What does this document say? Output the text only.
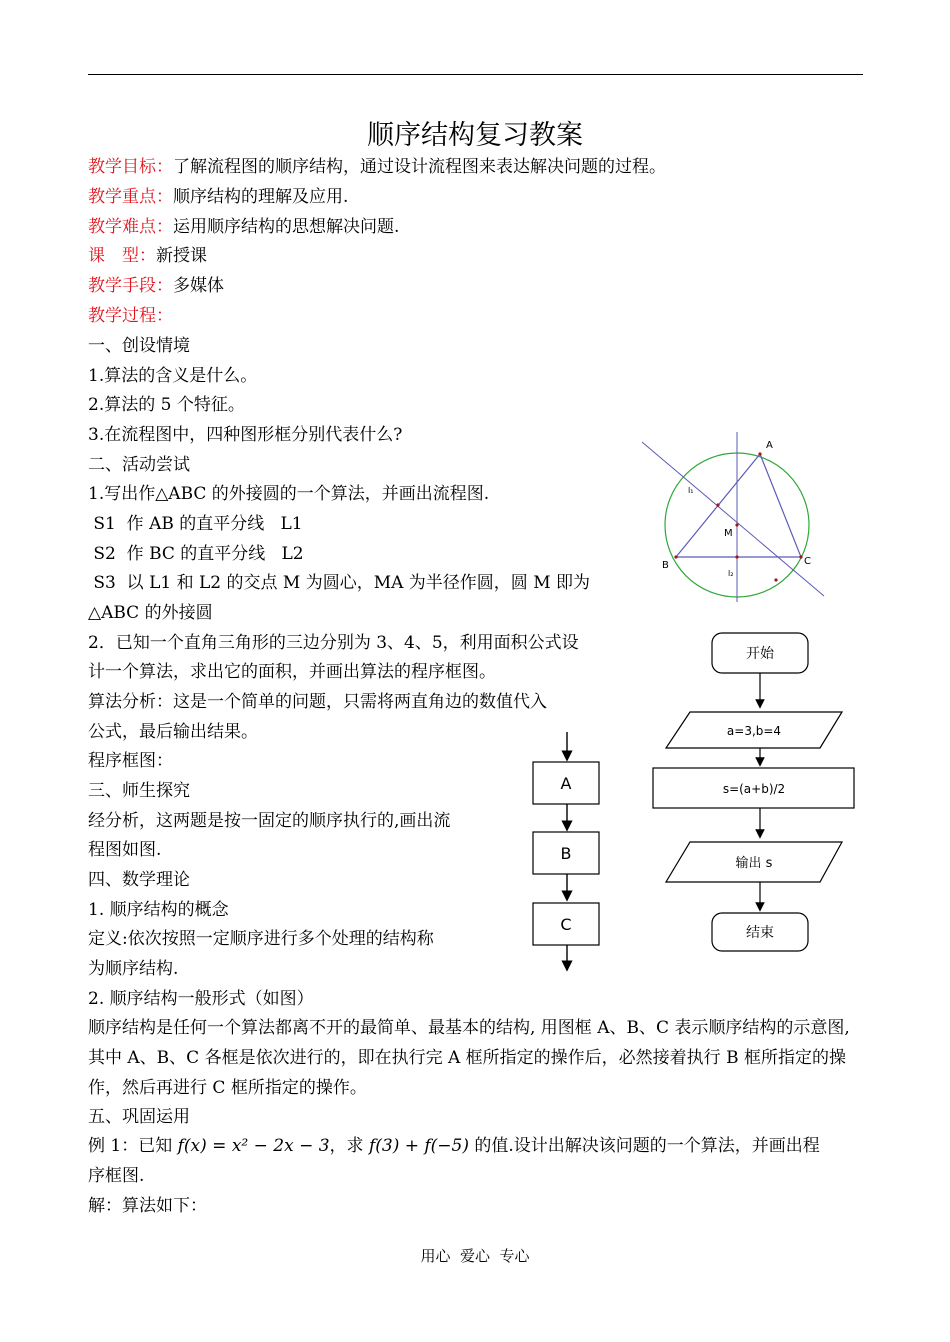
顺序结构复习教案
教学目标：了解流程图的顺序结构，通过设计流程图来表达解决问题的过程。
教学重点：顺序结构的理解及应用.
教学难点：运用顺序结构的思想解决问题.
课　型：新授课
教学手段：多媒体
教学过程：
一、创设情境
1.算法的含义是什么。
2.算法的 5 个特征。
3.在流程图中，四种图形框分别代表什么?
二、活动尝试
1.写出作△ABC 的外接圆的一个算法，并画出流程图.
S1  作 AB 的直平分线   L1
S2  作 BC 的直平分线   L2
S3  以 L1 和 L2 的交点 M 为圆心，MA 为半径作圆，圆 M 即为
△ABC 的外接圆
2．已知一个直角三角形的三边分别为 3、4、5，利用面积公式设
计一个算法，求出它的面积，并画出算法的程序框图。
算法分析：这是一个简单的问题，只需将两直角边的数值代入
公式，最后输出结果。
程序框图：
三、师生探究
经分析，这两题是按一固定的顺序执行的,画出流
程图如图.
四、数学理论
1. 顺序结构的概念
定义:依次按照一定顺序进行多个处理的结构称
为顺序结构.
2. 顺序结构一般形式（如图）
顺序结构是任何一个算法都离不开的最简单、最基本的结构, 用图框 A、B、C 表示顺序结构的示意图, 其中 A、B、C 各框是依次进行的，即在执行完 A 框所指定的操作后，必然接着执行 B 框所指定的操作，然后再进行 C 框所指定的操作。
五、巩固运用
例 1：已知 f(x) = x² − 2x − 3，求 f(3) + f(−5) 的值.设计出解决该问题的一个算法，并画出程
序框图.
解：算法如下：
A
B	C
M
l₁
l₂
开始
a=3,b=4
s=(a+b)/2
输出 s
结束
A
B
C
用心  爱心  专心
